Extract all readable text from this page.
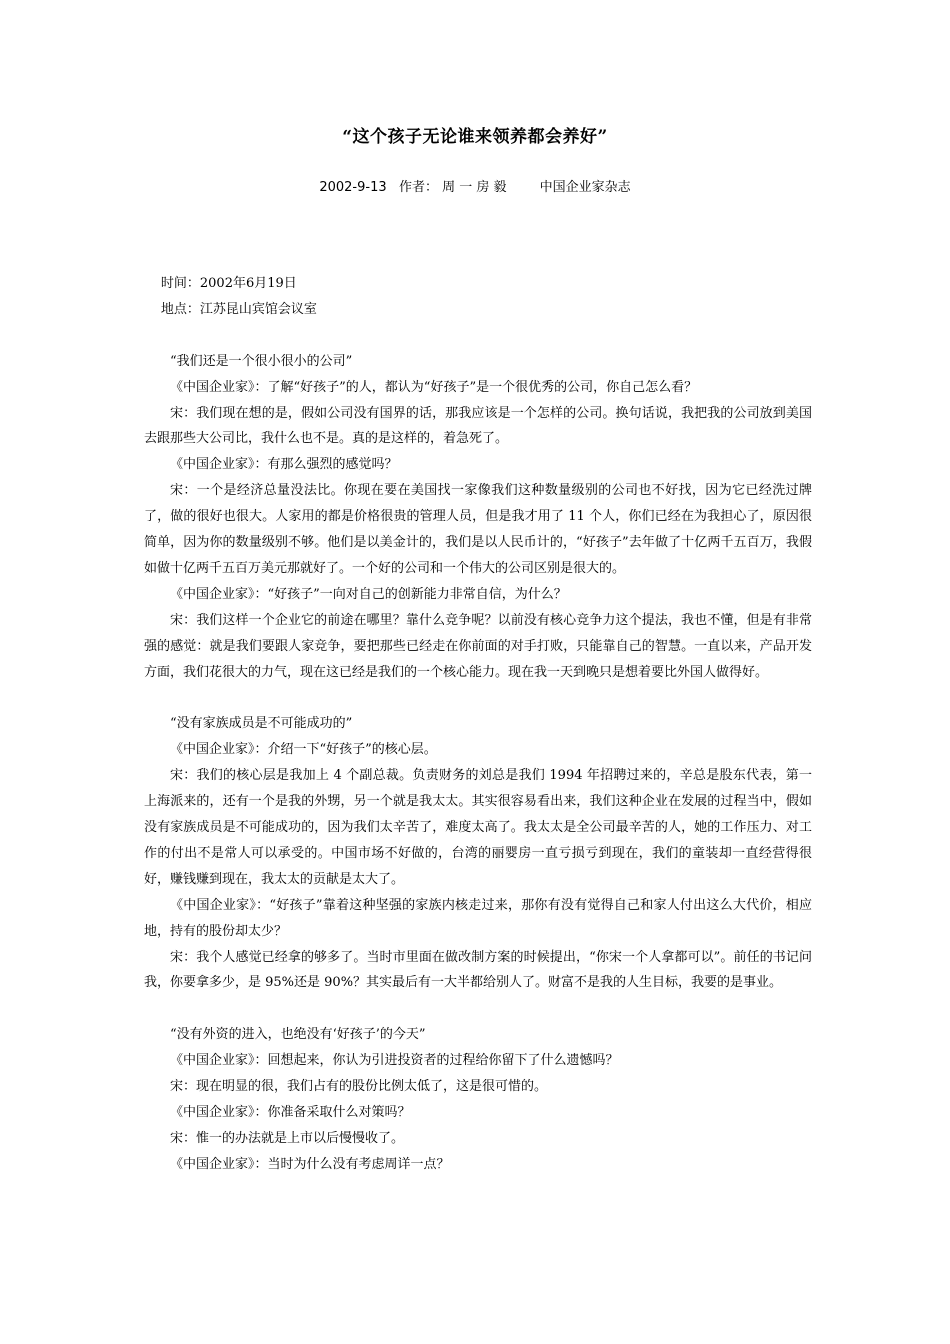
“这个孩子无论谁来领养都会养好”
2002-9-13 作者： 周 一 房 毅	中国企业家杂志

时间：2002年6月19日

地点：江苏昆山宾馆会议室

“我们还是一个很小很小的公司”

《中国企业家》：了解“好孩子”的人，都认为“好孩子”是一个很优秀的公司，你自己怎么看？

宋：我们现在想的是，假如公司没有国界的话，那我应该是一个怎样的公司。换句话说，我把我的公司放到美国去跟那些大公司比，我什么也不是。真的是这样的，着急死了。

《中国企业家》：有那么强烈的感觉吗？

宋：一个是经济总量没法比。你现在要在美国找一家像我们这种数量级别的公司也不好找，因为它已经洗过牌了，做的很好也很大。人家用的都是价格很贵的管理人员，但是我才用了 11 个人，你们已经在为我担心了，原因很简单，因为你的数量级别不够。他们是以美金计的，我们是以人民币计的，“好孩子”去年做了十亿两千五百万，我假如做十亿两千五百万美元那就好了。一个好的公司和一个伟大的公司区别是很大的。

《中国企业家》：“好孩子”一向对自己的创新能力非常自信，为什么？

宋：我们这样一个企业它的前途在哪里？靠什么竞争呢？以前没有核心竞争力这个提法，我也不懂，但是有非常强的感觉：就是我们要跟人家竞争，要把那些已经走在你前面的对手打败，只能靠自己的智慧。一直以来，产品开发方面，我们花很大的力气，现在这已经是我们的一个核心能力。现在我一天到晚只是想着要比外国人做得好。

“没有家族成员是不可能成功的”

《中国企业家》：介绍一下“好孩子”的核心层。

宋：我们的核心层是我加上 4 个副总裁。负责财务的刘总是我们 1994 年招聘过来的，辛总是股东代表，第一上海派来的，还有一个是我的外甥，另一个就是我太太。其实很容易看出来，我们这种企业在发展的过程当中，假如没有家族成员是不可能成功的，因为我们太辛苦了，难度太高了。我太太是全公司最辛苦的人，她的工作压力、对工作的付出不是常人可以承受的。中国市场不好做的，台湾的丽婴房一直亏损亏到现在，我们的童装却一直经营得很好，赚钱赚到现在，我太太的贡献是太大了。

《中国企业家》：“好孩子”靠着这种坚强的家族内核走过来，那你有没有觉得自己和家人付出这么大代价，相应地，持有的股份却太少？

宋：我个人感觉已经拿的够多了。当时市里面在做改制方案的时候提出，“你宋一个人拿都可以”。前任的书记问我，你要拿多少，是 95%还是 90%？其实最后有一大半都给别人了。财富不是我的人生目标，我要的是事业。

“没有外资的进入，也绝没有‘好孩子’的今天”

《中国企业家》：回想起来，你认为引进投资者的过程给你留下了什么遗憾吗？

宋：现在明显的很，我们占有的股份比例太低了，这是很可惜的。

《中国企业家》：你准备采取什么对策吗？

宋：惟一的办法就是上市以后慢慢收了。

《中国企业家》：当时为什么没有考虑周详一点？
